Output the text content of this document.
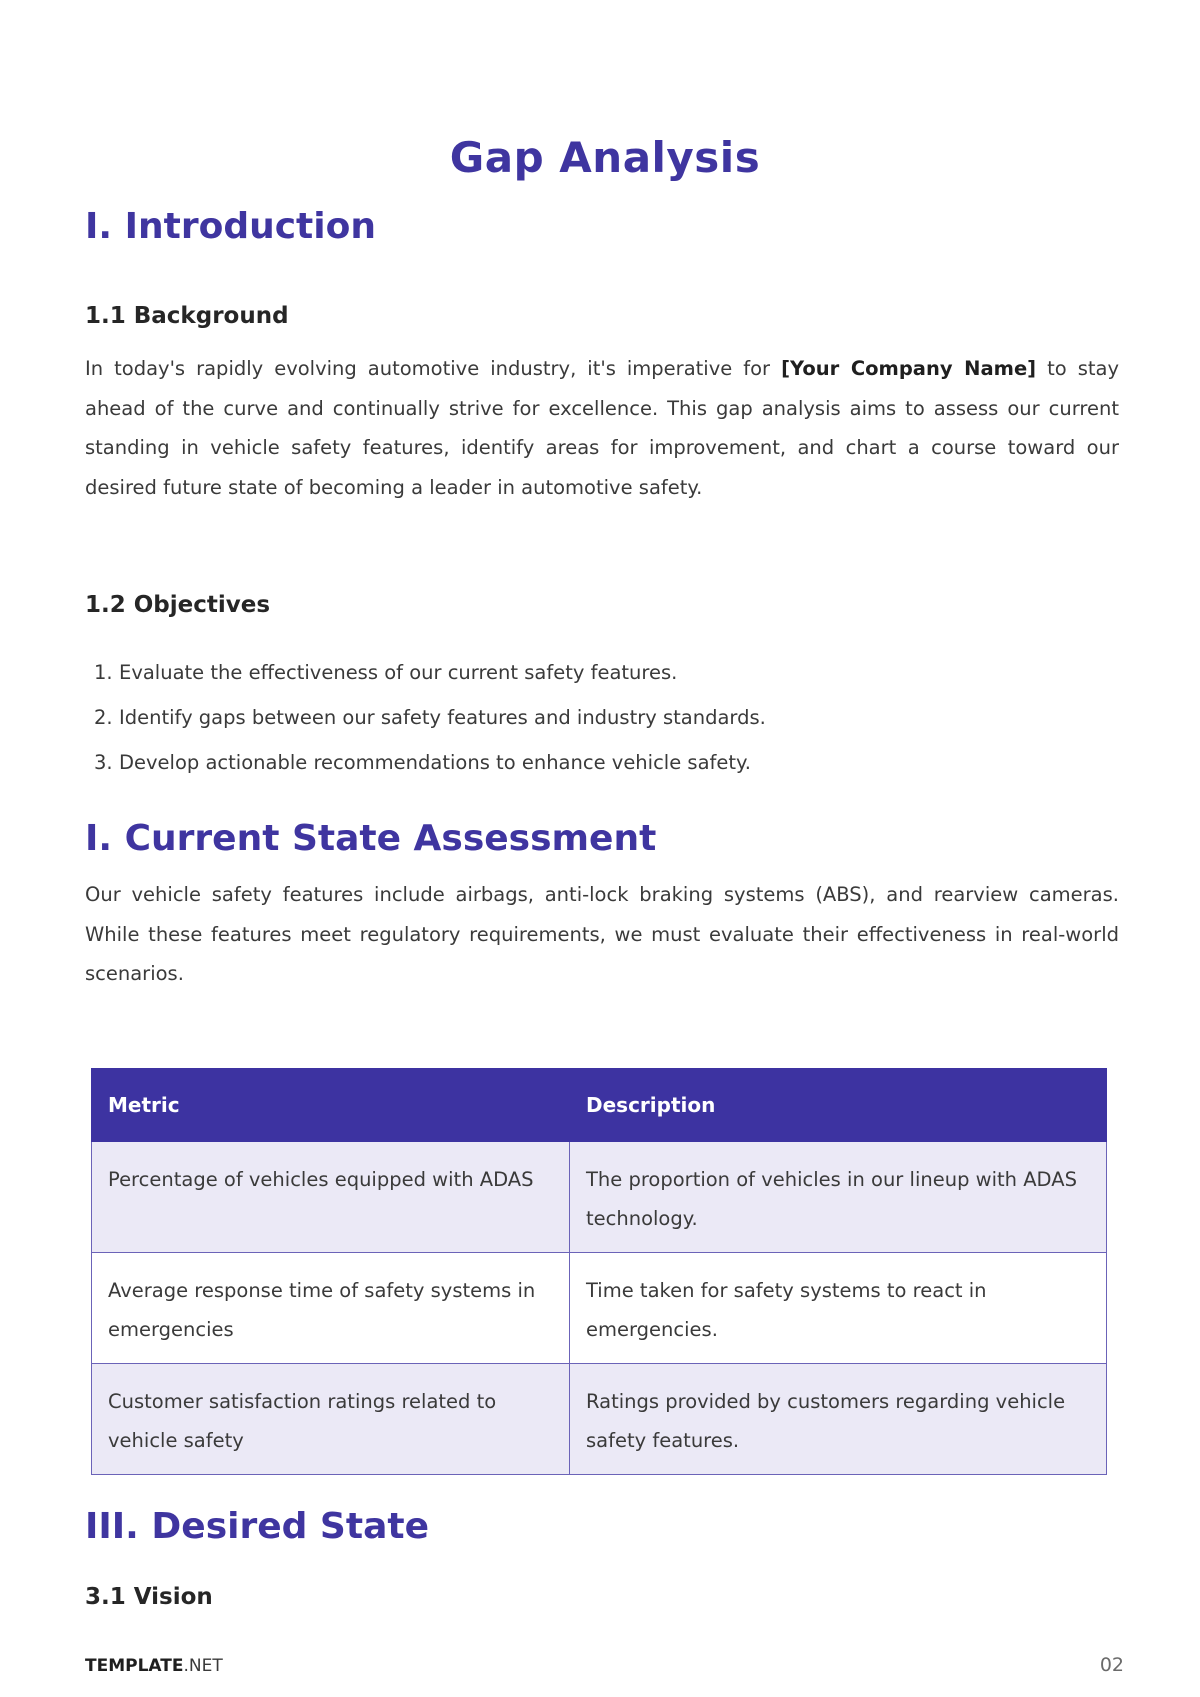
Gap Analysis
I. Introduction
1.1 Background

In today's rapidly evolving automotive industry, it's imperative for [Your Company Name] to stay ahead of the curve and continually strive for excellence. This gap analysis aims to assess our current standing in vehicle safety features, identify areas for improvement, and chart a course toward our desired future state of becoming a leader in automotive safety.

1.2 Objectives
1. Evaluate the effectiveness of our current safety features.
2. Identify gaps between our safety features and industry standards.
3. Develop actionable recommendations to enhance vehicle safety.
I. Current State Assessment

Our vehicle safety features include airbags, anti-lock braking systems (ABS), and rearview cameras. While these features meet regulatory requirements, we must evaluate their effectiveness in real-world scenarios.

Metric	Description
Percentage of vehicles equipped with ADAS	The proportion of vehicles in our lineup with ADAS technology.
Average response time of safety systems in emergencies	Time taken for safety systems to react in emergencies.
Customer satisfaction ratings related to vehicle safety	Ratings provided by customers regarding vehicle safety features.
III. Desired State
3.1 Vision
TEMPLATE.NET	02
